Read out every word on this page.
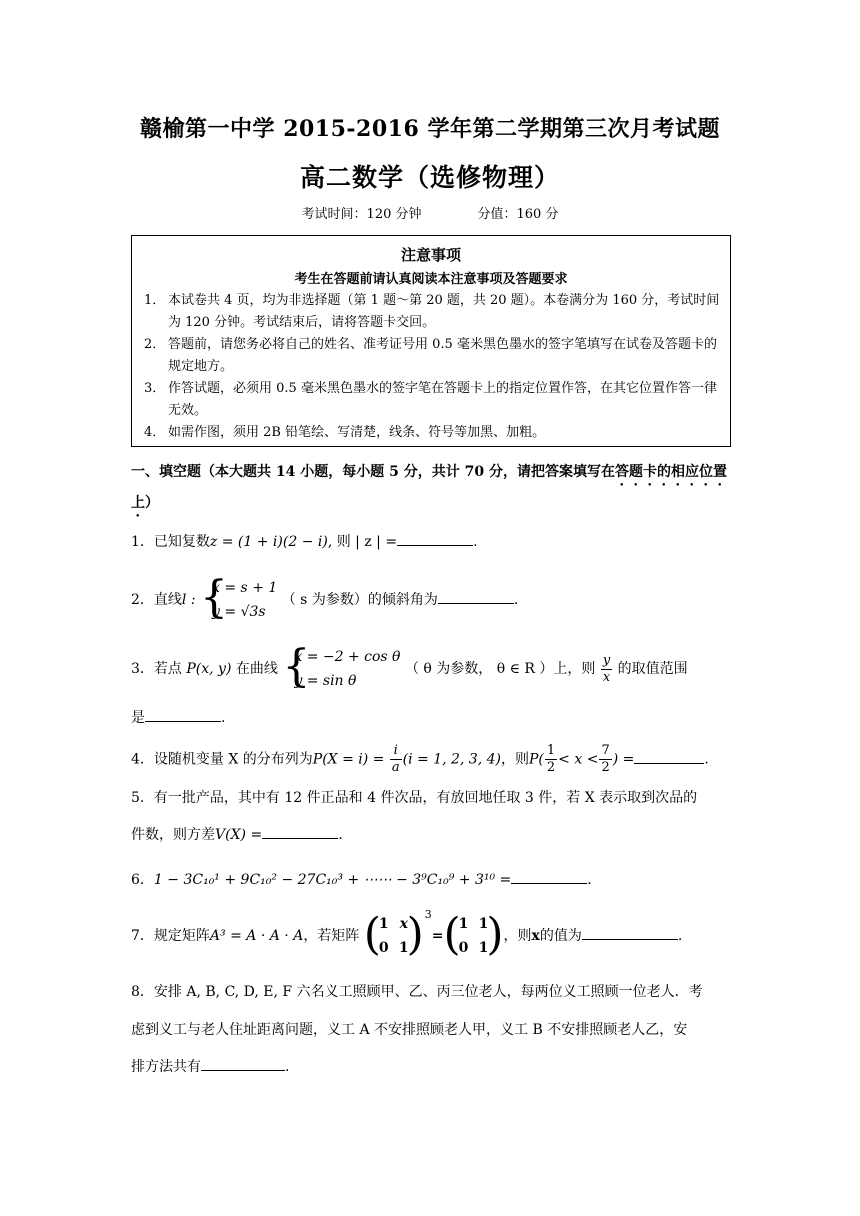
赣榆第一中学 2015-2016 学年第二学期第三次月考试题
高二数学（选修物理）
考试时间：120 分钟	分值：160 分
注意事项
考生在答题前请认真阅读本注意事项及答题要求
1． 本试卷共 4 页，均为非选择题（第 1 题～第 20 题，共 20 题）。本卷满分为 160 分，考试时间为 120 分钟。考试结束后，请将答题卡交回。
2． 答题前，请您务必将自己的姓名、准考证号用 0.5 毫米黑色墨水的签字笔填写在试卷及答题卡的规定地方。
3． 作答试题，必须用 0.5 毫米黑色墨水的签字笔在答题卡上的指定位置作答，在其它位置作答一律无效。
4． 如需作图，须用 2B 铅笔绘、写清楚，线条、符号等加黑、加粗。
一、填空题（本大题共 14 小题，每小题 5 分，共计 70 分，请把答案填写在答题卡的相应位置上）
1．已知复数z = (1 + i)(2 − i), 则 | z | =	.
2．直线l : {
x = s + 1
y = √3s
（ s 为参数）的倾斜角为	.
3．若点 P(x, y) 在曲线 {
x = −2 + cos θ
y = sin θ
（ θ 为参数， θ ∈ R ）上，则 $\frac{y}{x}$ 的取值范围
是	.
4．设随机变量 X 的分布列为$P(X = i) = \frac{i}{a} (i = 1$, 2, 3, 4)，则$P( \frac{1}{2} < x < \frac{7}{2}$ ) =	.
5．有一批产品，其中有 12 件正品和 4 件次品，有放回地任取 3 件，若 X 表示取到次品的
件数，则方差V(X) =	.
6．1 − 3C₁₀¹ + 9C₁₀² − 27C₁₀³ + ⋯⋯ − 3⁹C₁₀⁹ + 3¹⁰ =	.
7．规定矩阵A³ = A · A · A，若矩阵 (
1 x
0 1
) $^3$= (
1 1
0 1
) ，则x的值为	.
8．安排 A, B, C, D, E, F 六名义工照顾甲、乙、丙三位老人，每两位义工照顾一位老人．考
虑到义工与老人住址距离问题，义工 A 不安排照顾老人甲，义工 B 不安排照顾老人乙，安
排方法共有	.
